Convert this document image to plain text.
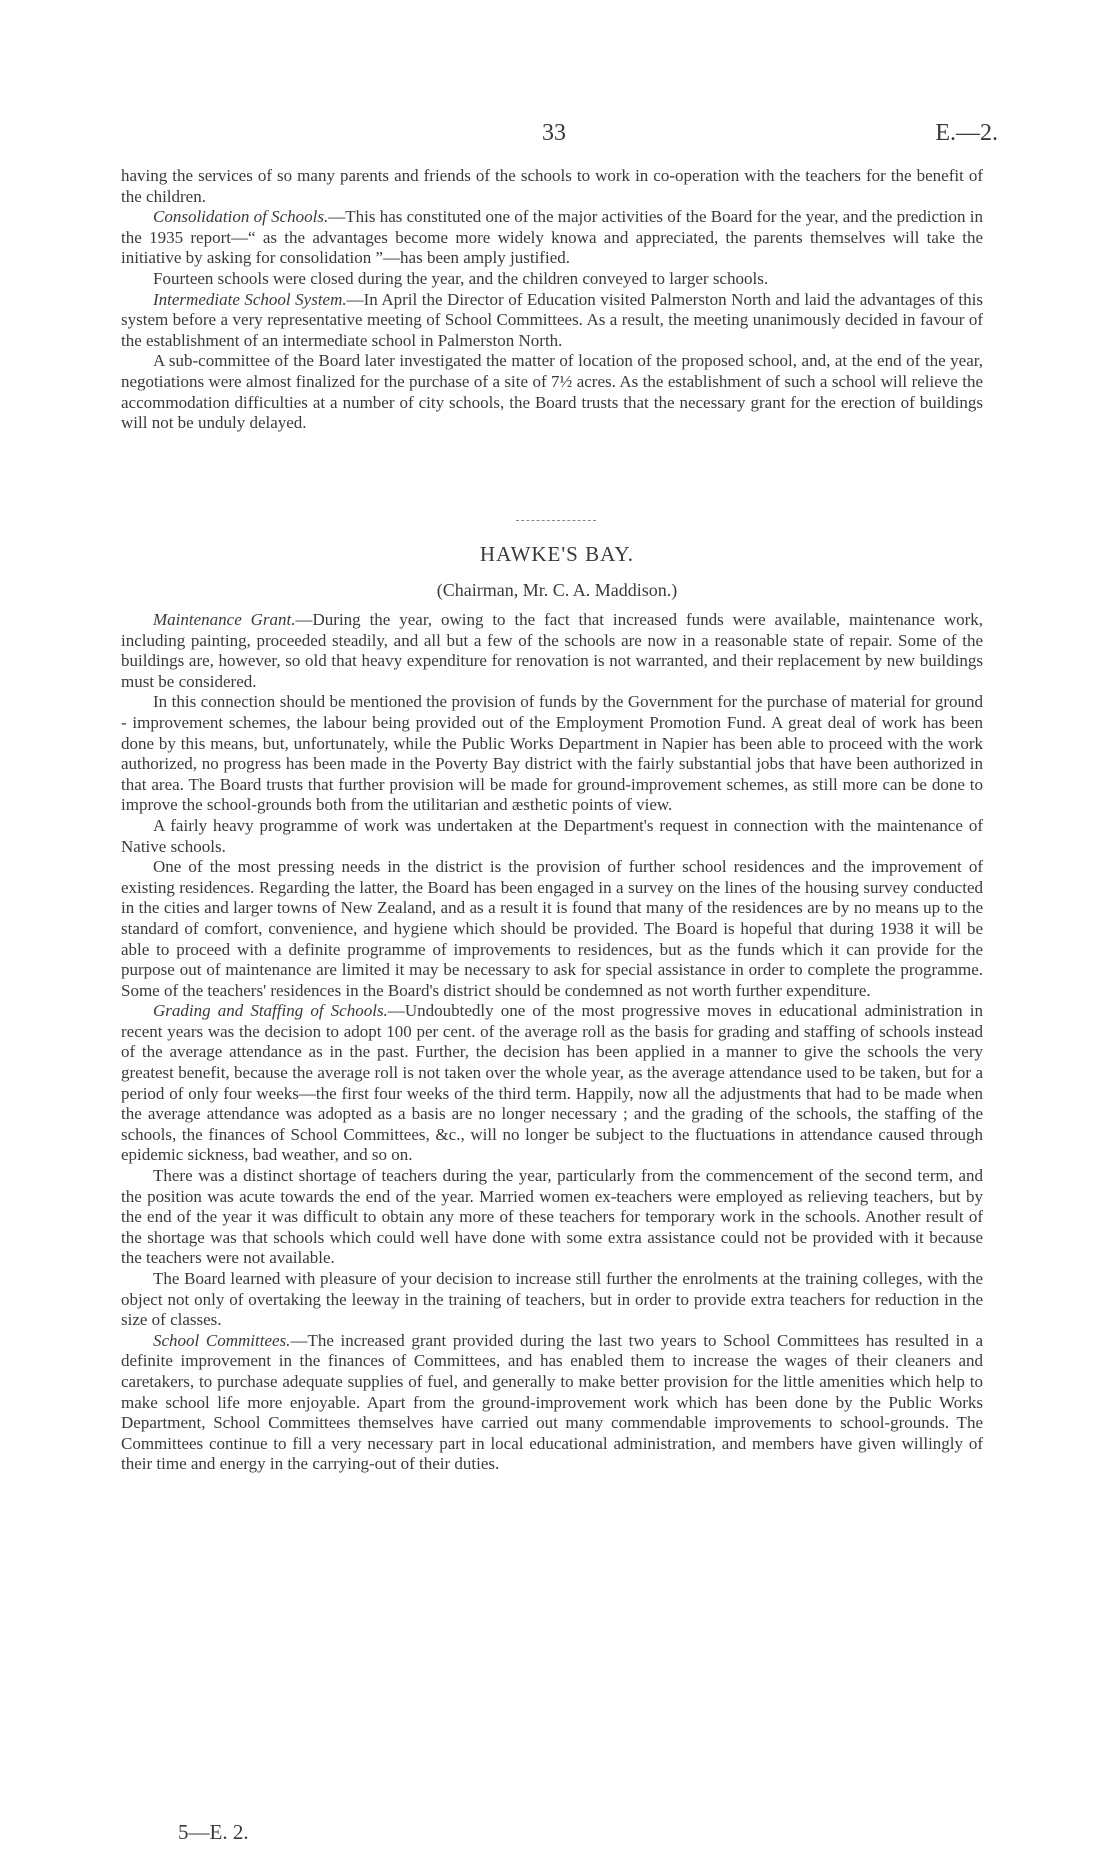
33	E.—2.

having the services of so many parents and friends of the schools to work in co-operation with the teachers for the benefit of the children.

Consolidation of Schools.—This has constituted one of the major activities of the Board for the year, and the prediction in the 1935 report—“ as the advantages become more widely knowa and appreciated, the parents themselves will take the initiative by asking for consolidation ”—has been amply justified.

Fourteen schools were closed during the year, and the children conveyed to larger schools.

Intermediate School System.—In April the Director of Education visited Palmerston North and laid the advantages of this system before a very representative meeting of School Committees. As a result, the meeting unanimously decided in favour of the establishment of an intermediate school in Palmerston North.

A sub-committee of the Board later investigated the matter of location of the proposed school, and, at the end of the year, negotiations were almost finalized for the purchase of a site of 7½ acres. As the establishment of such a school will relieve the accommodation difficulties at a number of city schools, the Board trusts that the necessary grant for the erection of buildings will not be unduly delayed.

HAWKE'S BAY.
(Chairman, Mr. C. A. Maddison.)

Maintenance Grant.—During the year, owing to the fact that increased funds were available, maintenance work, including painting, proceeded steadily, and all but a few of the schools are now in a reasonable state of repair. Some of the buildings are, however, so old that heavy expenditure for renovation is not warranted, and their replacement by new buildings must be considered.

In this connection should be mentioned the provision of funds by the Government for the purchase of material for ground - improvement schemes, the labour being provided out of the Employment Promotion Fund. A great deal of work has been done by this means, but, unfortunately, while the Public Works Department in Napier has been able to proceed with the work authorized, no progress has been made in the Poverty Bay district with the fairly substantial jobs that have been authorized in that area. The Board trusts that further provision will be made for ground-improvement schemes, as still more can be done to improve the school-grounds both from the utilitarian and æsthetic points of view.

A fairly heavy programme of work was undertaken at the Department's request in connection with the maintenance of Native schools.

One of the most pressing needs in the district is the provision of further school residences and the improvement of existing residences. Regarding the latter, the Board has been engaged in a survey on the lines of the housing survey conducted in the cities and larger towns of New Zealand, and as a result it is found that many of the residences are by no means up to the standard of comfort, convenience, and hygiene which should be provided. The Board is hopeful that during 1938 it will be able to proceed with a definite programme of improvements to residences, but as the funds which it can provide for the purpose out of maintenance are limited it may be necessary to ask for special assistance in order to complete the programme. Some of the teachers' residences in the Board's district should be condemned as not worth further expenditure.

Grading and Staffing of Schools.—Undoubtedly one of the most progressive moves in educational administration in recent years was the decision to adopt 100 per cent. of the average roll as the basis for grading and staffing of schools instead of the average attendance as in the past. Further, the decision has been applied in a manner to give the schools the very greatest benefit, because the average roll is not taken over the whole year, as the average attendance used to be taken, but for a period of only four weeks—the first four weeks of the third term. Happily, now all the adjustments that had to be made when the average attendance was adopted as a basis are no longer necessary ; and the grading of the schools, the staffing of the schools, the finances of School Committees, &c., will no longer be subject to the fluctuations in attendance caused through epidemic sickness, bad weather, and so on.

There was a distinct shortage of teachers during the year, particularly from the commencement of the second term, and the position was acute towards the end of the year. Married women ex-teachers were employed as relieving teachers, but by the end of the year it was difficult to obtain any more of these teachers for temporary work in the schools. Another result of the shortage was that schools which could well have done with some extra assistance could not be provided with it because the teachers were not available.

The Board learned with pleasure of your decision to increase still further the enrolments at the training colleges, with the object not only of overtaking the leeway in the training of teachers, but in order to provide extra teachers for reduction in the size of classes.

School Committees.—The increased grant provided during the last two years to School Committees has resulted in a definite improvement in the finances of Committees, and has enabled them to increase the wages of their cleaners and caretakers, to purchase adequate supplies of fuel, and generally to make better provision for the little amenities which help to make school life more enjoyable. Apart from the ground-improvement work which has been done by the Public Works Department, School Committees themselves have carried out many commendable improvements to school-grounds. The Committees continue to fill a very necessary part in local educational administration, and members have given willingly of their time and energy in the carrying-out of their duties.

5—E. 2.
